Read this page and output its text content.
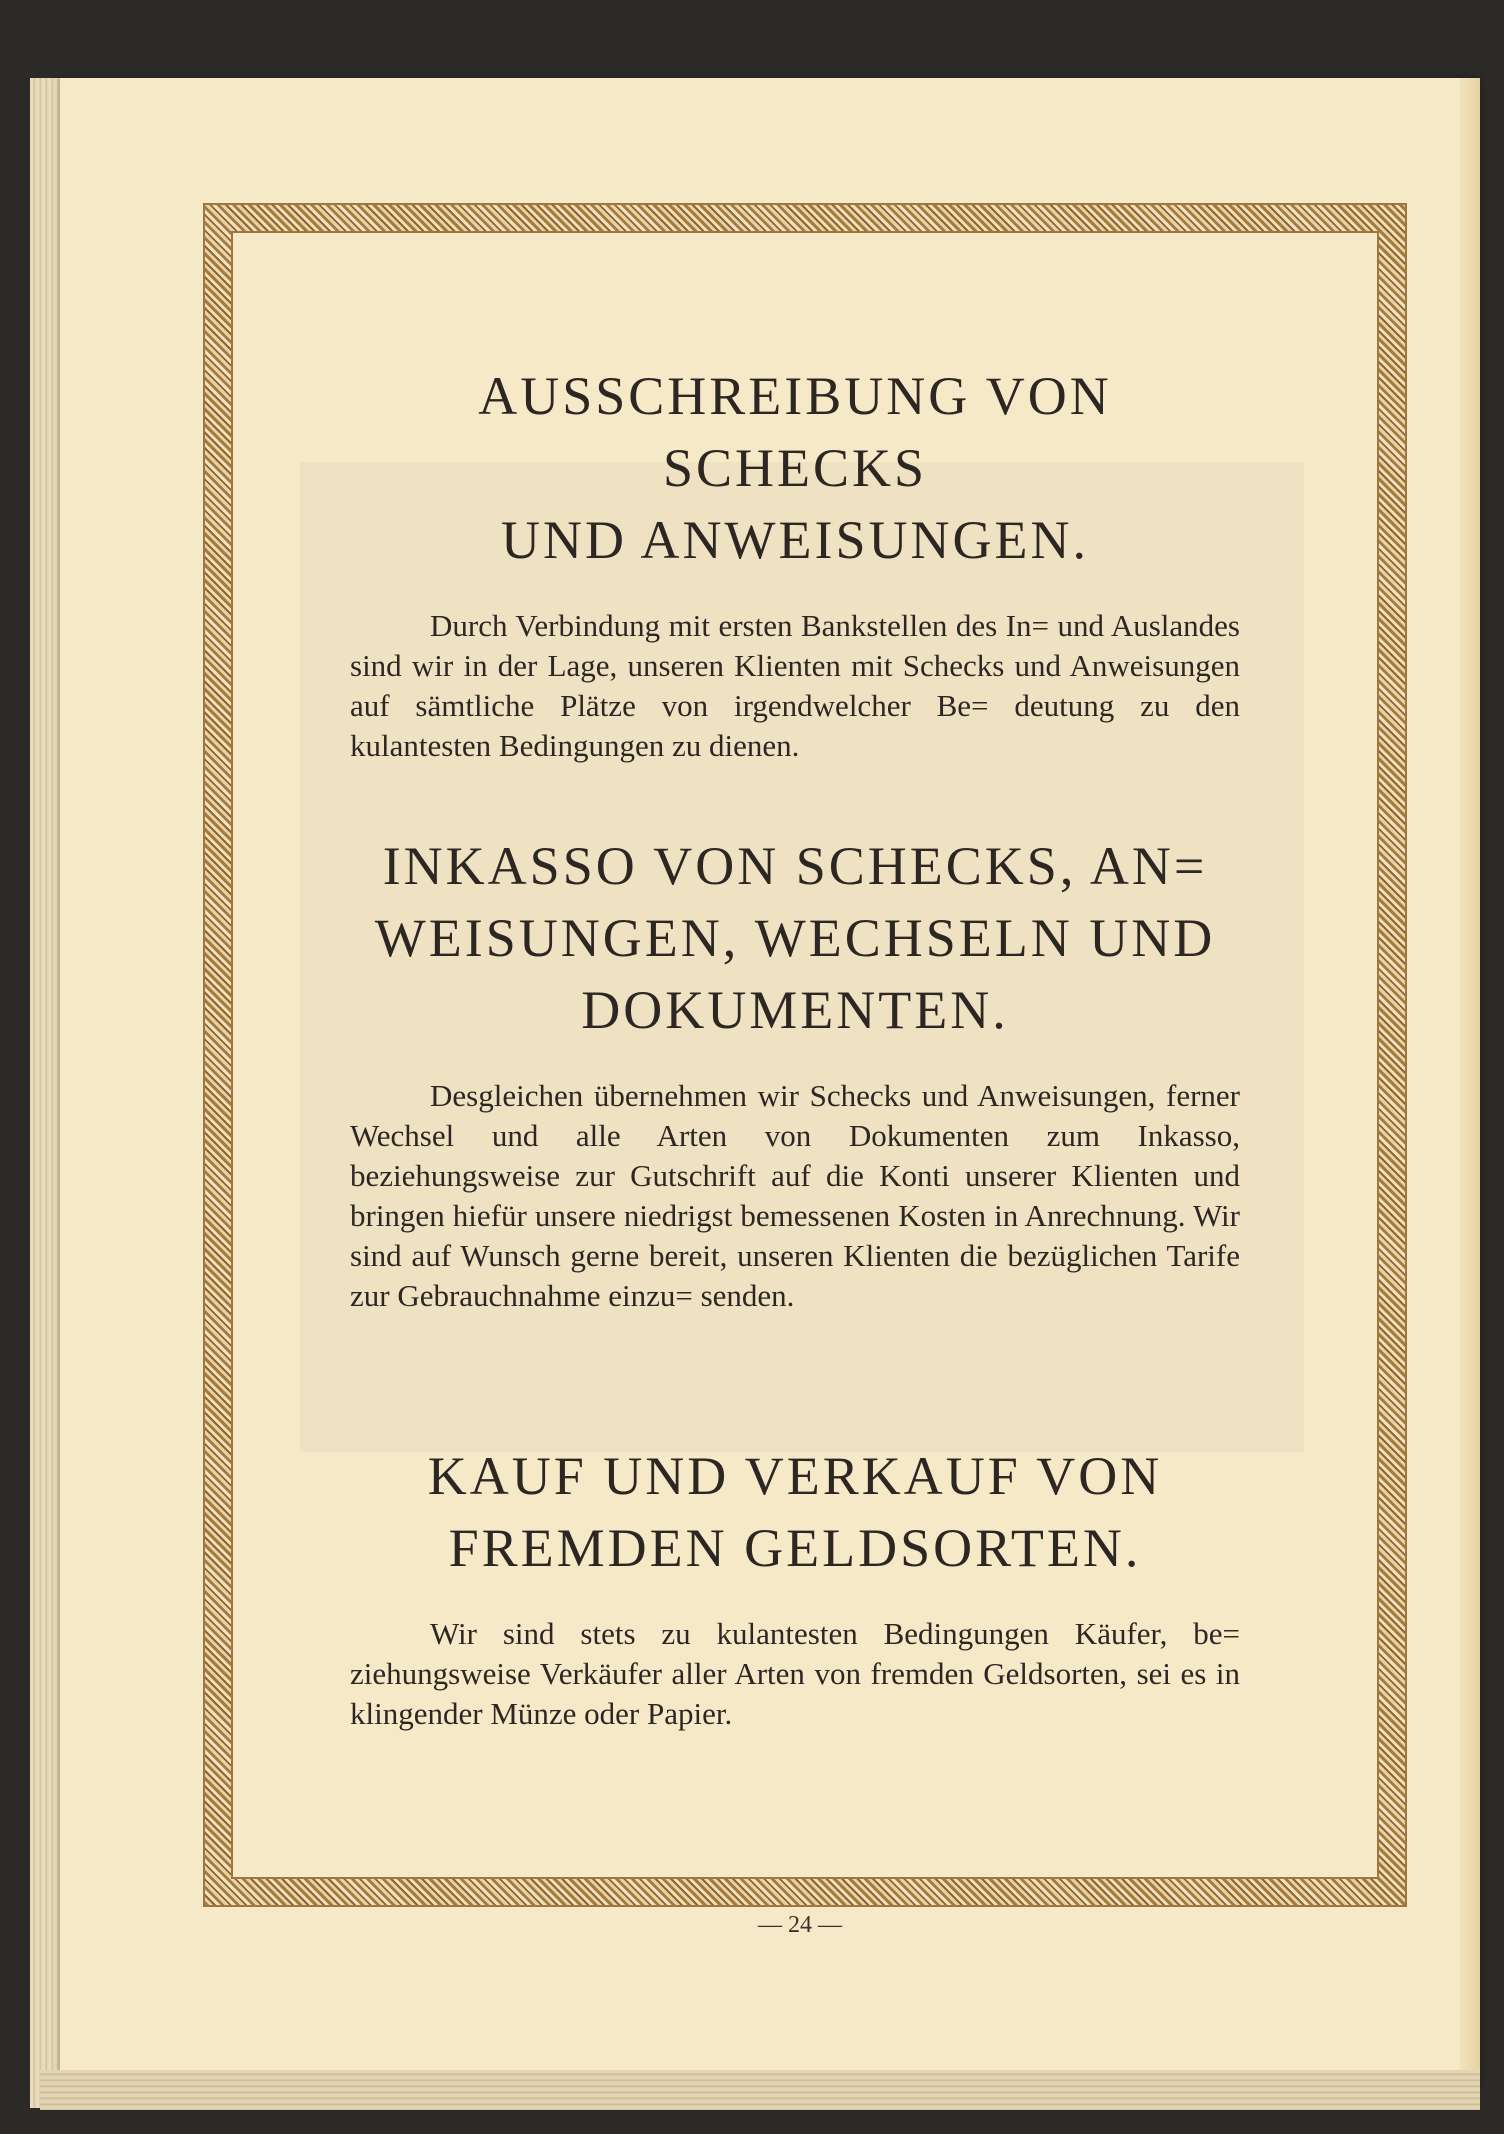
AUSSCHREIBUNG VON SCHECKS
UND ANWEISUNGEN.

Durch Verbindung mit ersten Bankstellen des In= und Auslandes sind wir in der Lage, unseren Klienten mit Schecks und Anweisungen auf sämtliche Plätze von irgendwelcher Be= deutung zu den kulantesten Bedingungen zu dienen.

INKASSO VON SCHECKS, AN=
WEISUNGEN, WECHSELN UND
DOKUMENTEN.

Desgleichen übernehmen wir Schecks und Anweisungen, ferner Wechsel und alle Arten von Dokumenten zum Inkasso, beziehungsweise zur Gutschrift auf die Konti unserer Klienten und bringen hiefür unsere niedrigst bemessenen Kosten in Anrechnung. Wir sind auf Wunsch gerne bereit, unseren Klienten die bezüglichen Tarife zur Gebrauchnahme einzu= senden.

KAUF UND VERKAUF VON
FREMDEN GELDSORTEN.

Wir sind stets zu kulantesten Bedingungen Käufer, be= ziehungsweise Verkäufer aller Arten von fremden Geldsorten, sei es in klingender Münze oder Papier.

— 24 —
